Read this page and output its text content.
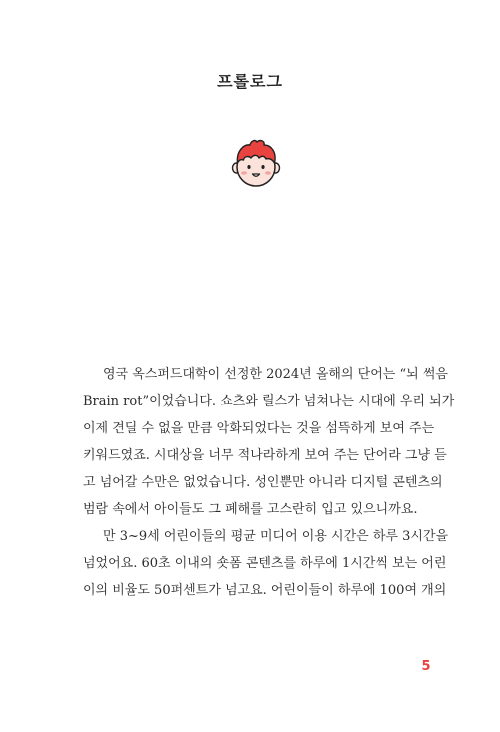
프롤로그
영국 옥스퍼드대학이 선정한 2024년 올해의 단어는 “뇌 썩음
Brain rot”이었습니다. 쇼츠와 릴스가 넘쳐나는 시대에 우리 뇌가
이제 견딜 수 없을 만큼 악화되었다는 것을 섬뜩하게 보여 주는
키워드였죠. 시대상을 너무 적나라하게 보여 주는 단어라 그냥 듣
고 넘어갈 수만은 없었습니다. 성인뿐만 아니라 디지털 콘텐츠의
범람 속에서 아이들도 그 폐해를 고스란히 입고 있으니까요.
만 3~9세 어린이들의 평균 미디어 이용 시간은 하루 3시간을
넘었어요. 60초 이내의 숏폼 콘텐츠를 하루에 1시간씩 보는 어린
이의 비율도 50퍼센트가 넘고요. 어린이들이 하루에 100여 개의
5
